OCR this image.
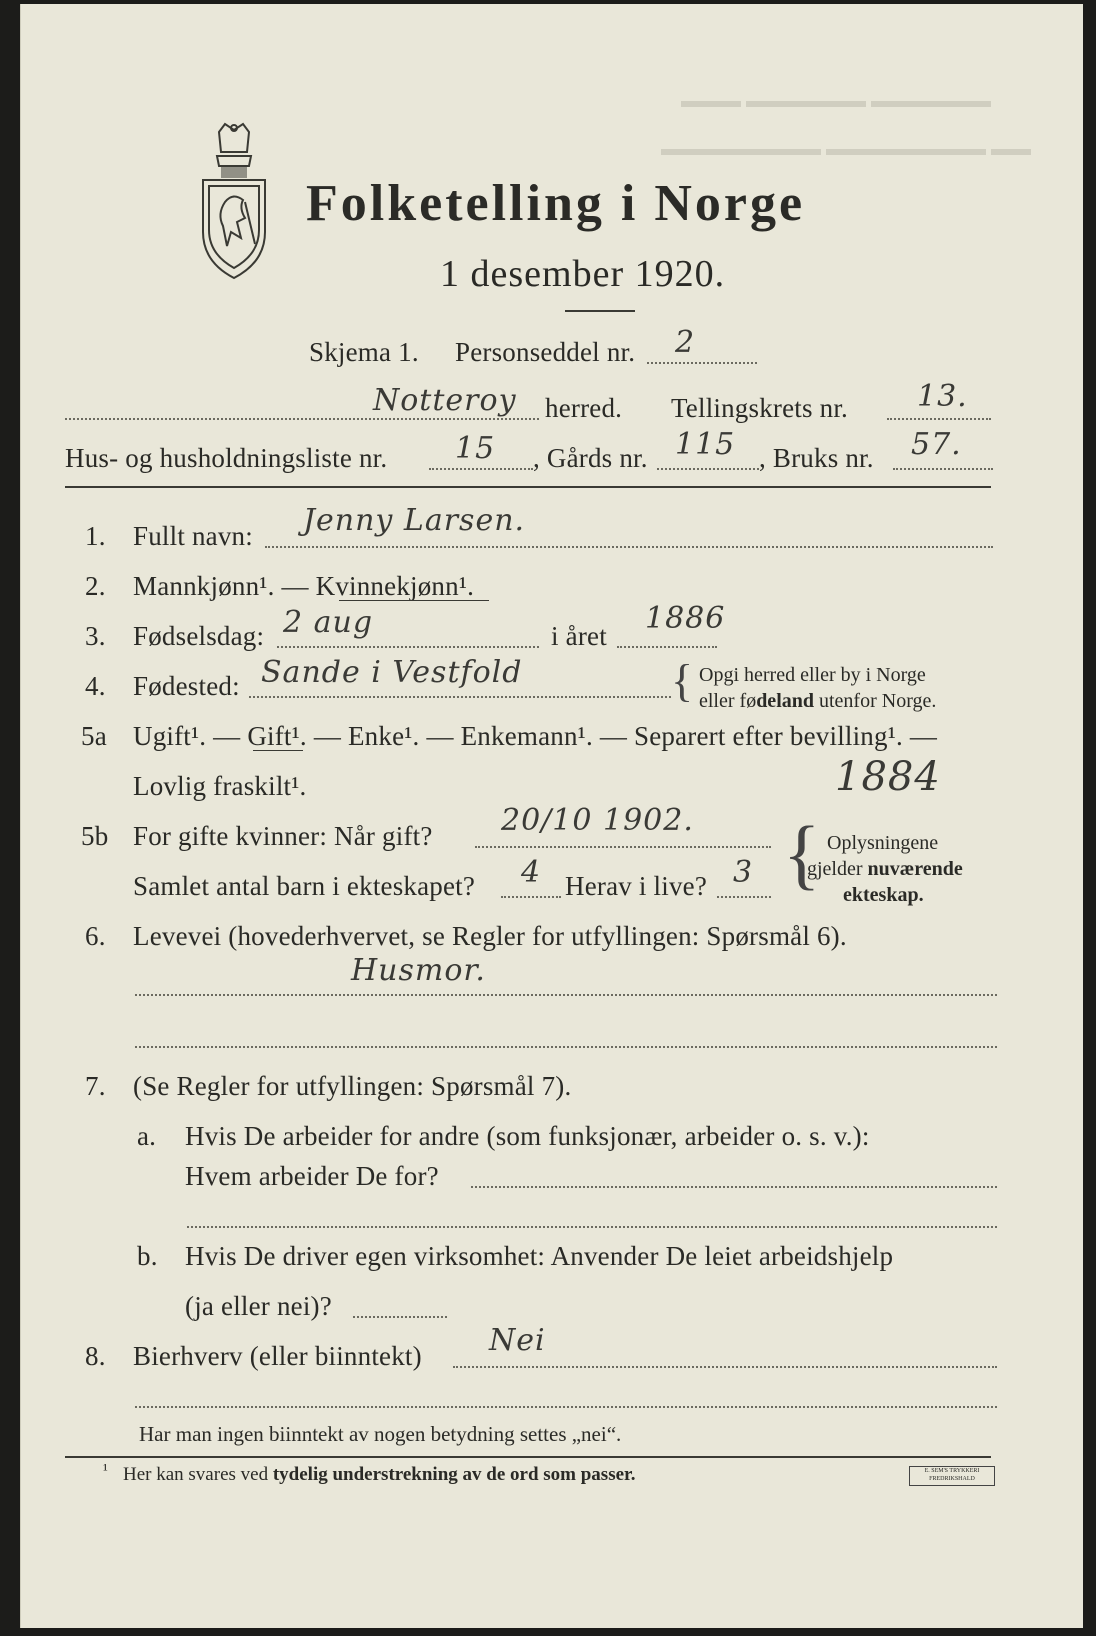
▬▬▬ ▬▬▬▬▬▬ ▬▬▬▬▬▬
▬▬▬▬▬▬▬▬ ▬▬▬▬▬▬▬▬ ▬▬
Folketelling i Norge
1 desember 1920.
Skjema 1. Personseddel nr. 2
Notteroy herred. Tellingskrets nr. 13.
Hus- og husholdningsliste nr. 15 , Gårds nr. 115 , Bruks nr. 57.
1. Fullt navn: Jenny Larsen.
2. Mannkjønn¹. — Kvinnekjønn¹.
3. Fødselsdag: 2 aug	i året 1886
4. Fødested: Sande i Vestfold	{ Opgi herred eller by i Norge
eller fødeland utenfor Norge.
5a Ugift¹. — Gift¹. — Enke¹. — Enkemann¹. — Separert efter bevilling¹. —
Lovlig fraskilt¹.	1884
5b For gifte kvinner: Når gift? 20/10 1902.
Samlet antal barn i ekteskapet? 4 Herav i live? 3 { Oplysningene
gjelder nuværende
ekteskap.
6. Levevei (hovederhvervet, se Regler for utfyllingen: Spørsmål 6).
Husmor.
7. (Se Regler for utfyllingen: Spørsmål 7).
a. Hvis De arbeider for andre (som funksjonær, arbeider o. s. v.):
Hvem arbeider De for?
b. Hvis De driver egen virksomhet: Anvender De leiet arbeidshjelp
(ja eller nei)?
8. Bierhverv (eller biinntekt) Nei
Har man ingen biinntekt av nogen betydning settes „nei“.
¹ Her kan svares ved tydelig understrekning av de ord som passer.	E. SEM'S TRYKKERI FREDRIKSHALD
